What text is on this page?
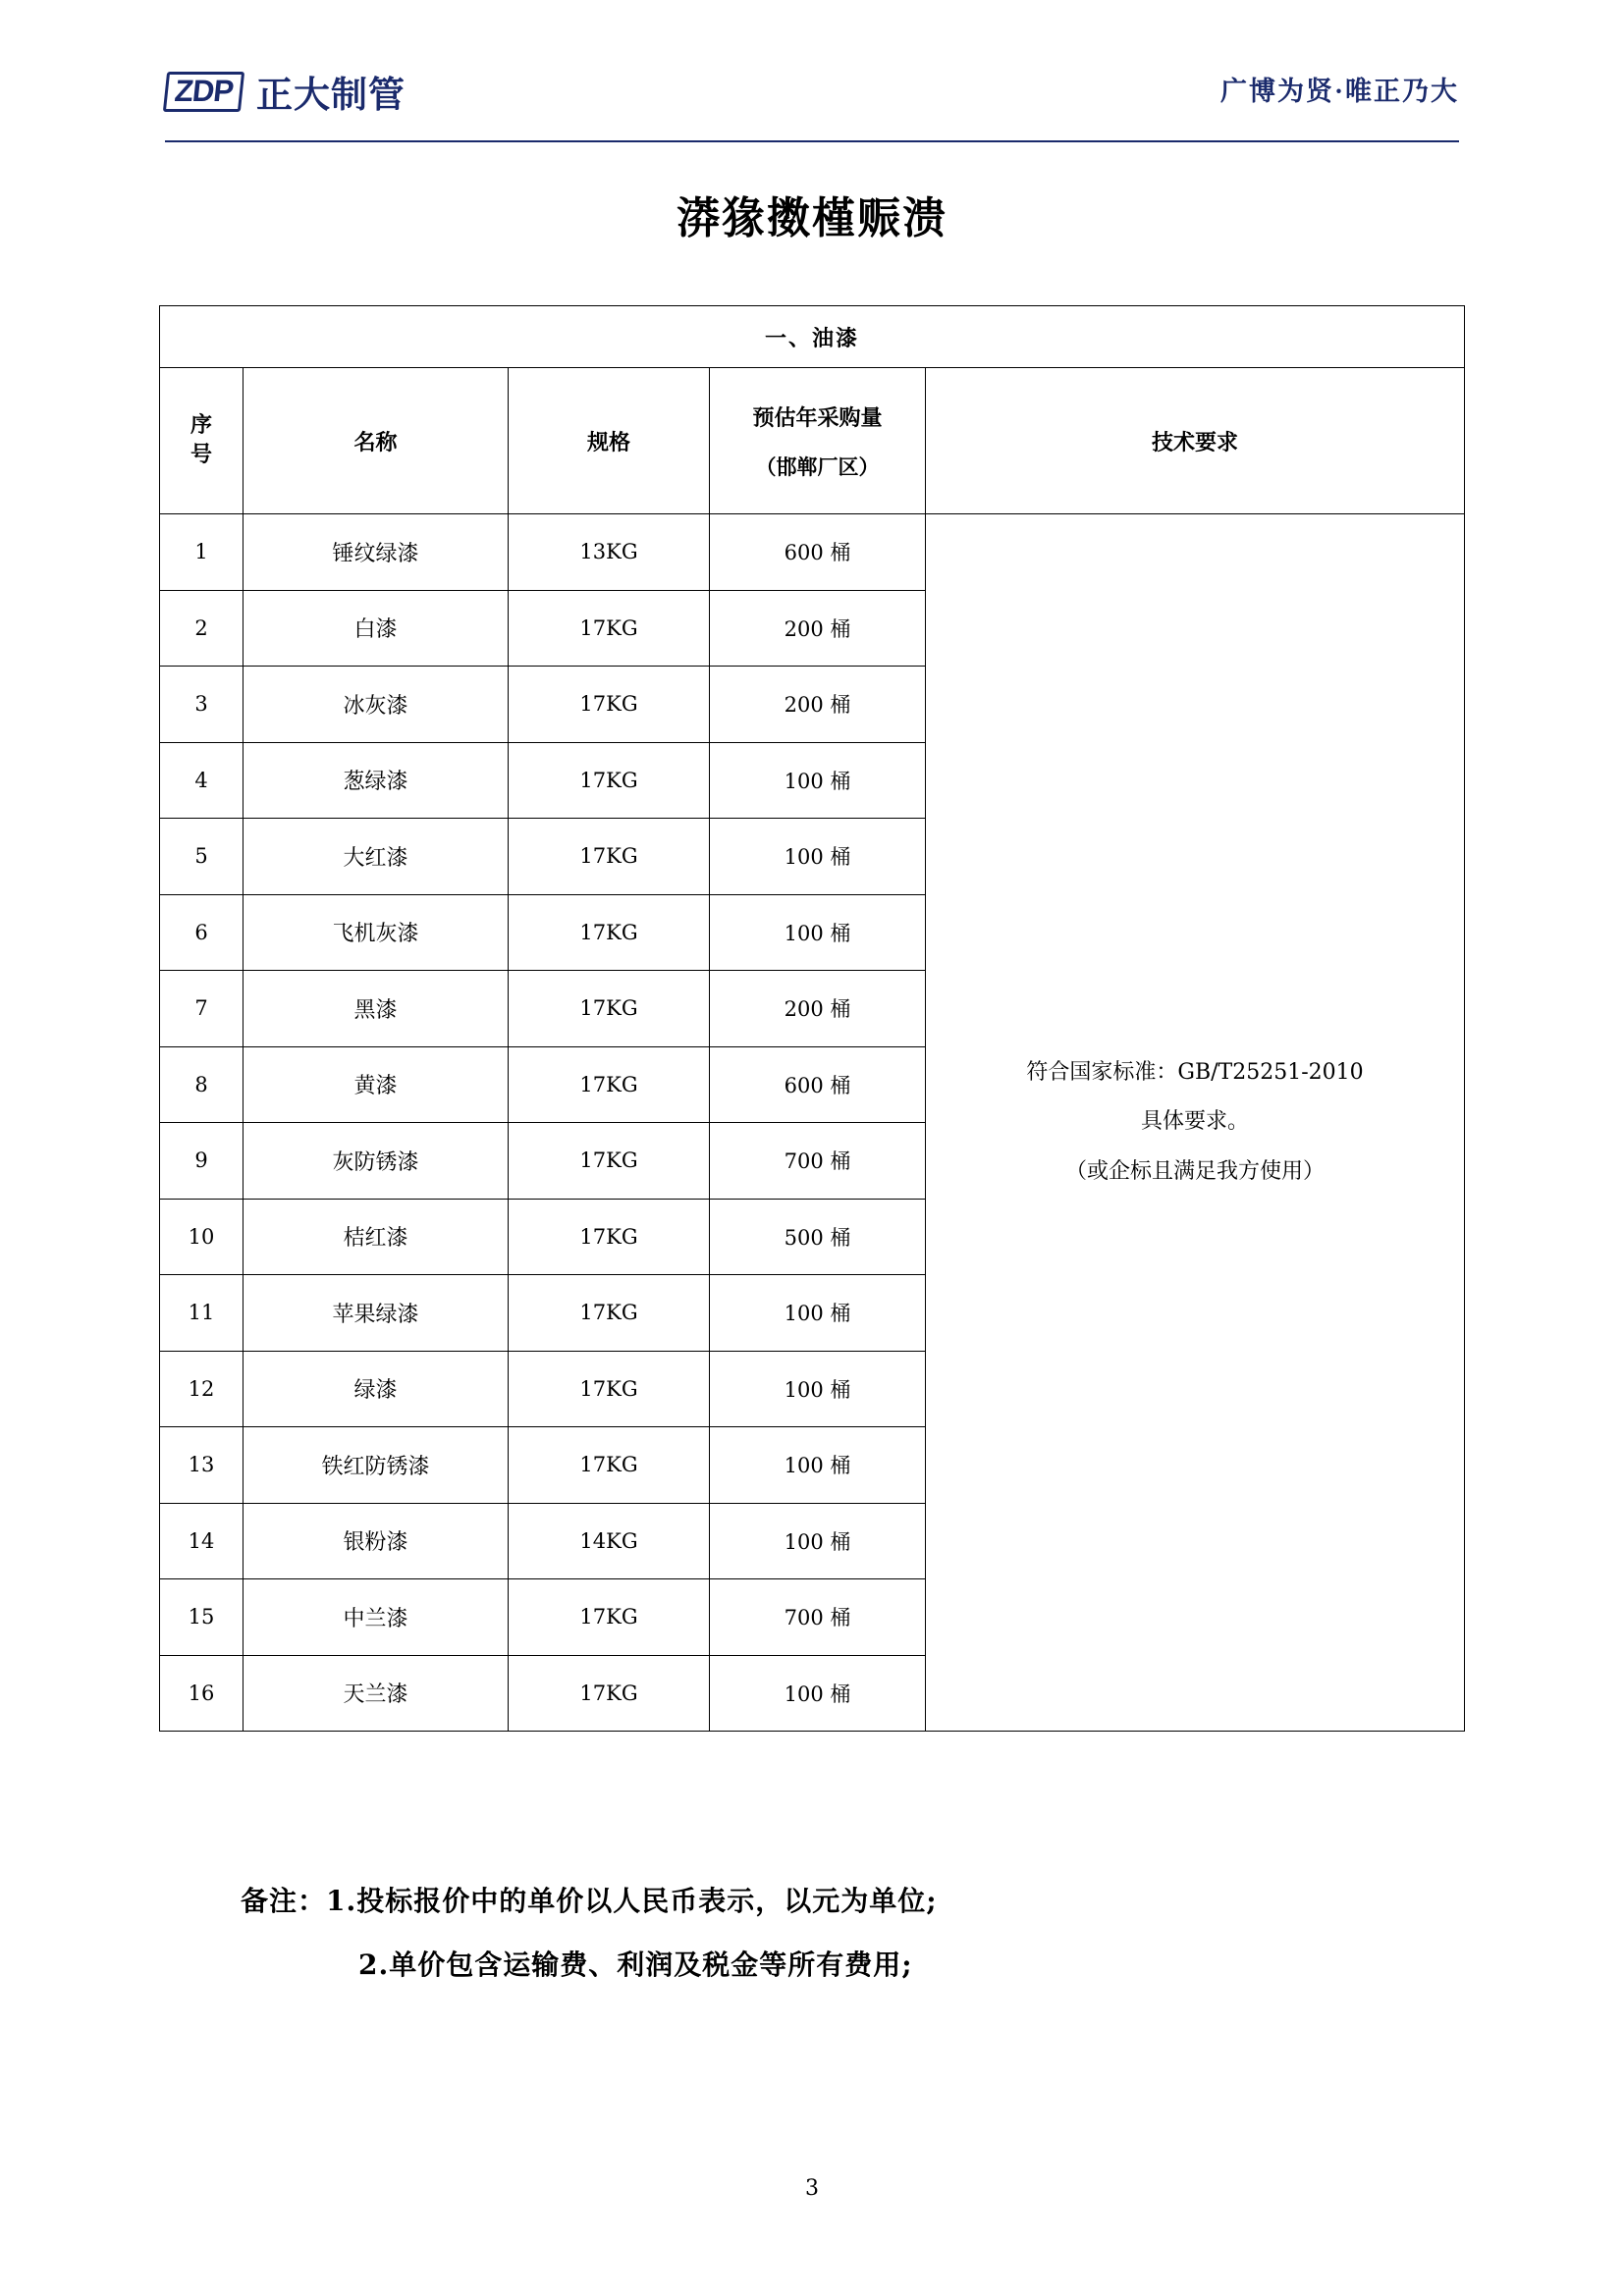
ZDP 正大制管	广博为贤·唯正乃大
漭猭擞槿赈溃
一、油漆				
序
号	名称	规格	预估年采购量
（邯郸厂区）	技术要求
1	锤纹绿漆	13KG	600 桶	符合国家标准：GB/T25251-2010
具体要求。
（或企标且满足我方使用）

2	白漆	17KG	200 桶	
3	冰灰漆	17KG	200 桶	
4	葱绿漆	17KG	100 桶	
5	大红漆	17KG	100 桶	
6	飞机灰漆	17KG	100 桶	
7	黑漆	17KG	200 桶	
8	黄漆	17KG	600 桶	
9	灰防锈漆	17KG	700 桶	
10	桔红漆	17KG	500 桶	
11	苹果绿漆	17KG	100 桶	
12	绿漆	17KG	100 桶	
13	铁红防锈漆	17KG	100 桶	
14	银粉漆	14KG	100 桶	
15	中兰漆	17KG	700 桶	
16	天兰漆	17KG	100 桶	
备注：1.投标报价中的单价以人民币表示，以元为单位;
2.单价包含运输费、利润及税金等所有费用;
3
